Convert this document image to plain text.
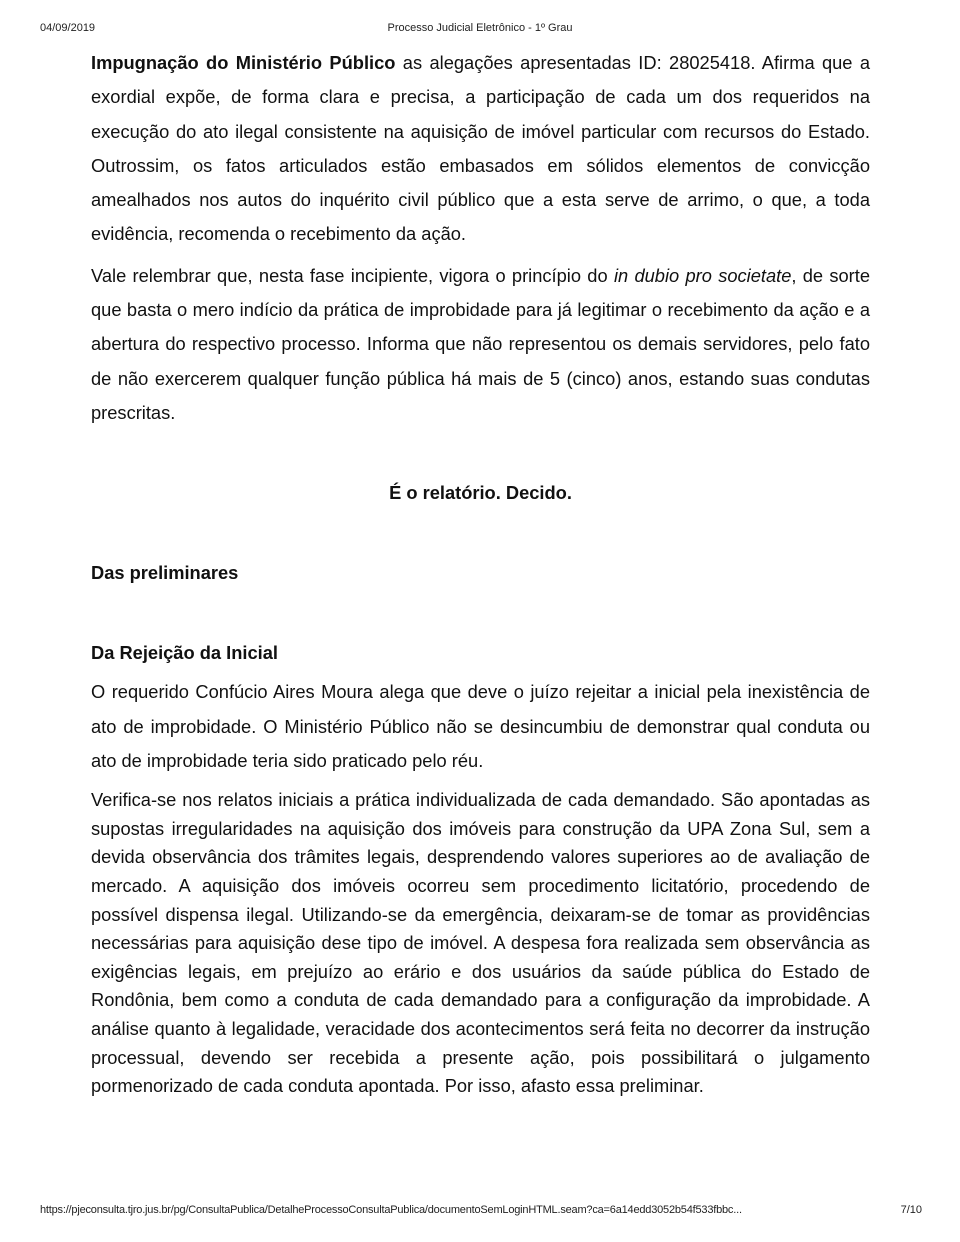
04/09/2019	Processo Judicial Eletrônico - 1º Grau

Impugnação do Ministério Público as alegações apresentadas ID: 28025418. Afirma que a exordial expõe, de forma clara e precisa, a participação de cada um dos requeridos na execução do ato ilegal consistente na aquisição de imóvel particular com recursos do Estado. Outrossim, os fatos articulados estão embasados em sólidos elementos de convicção amealhados nos autos do inquérito civil público que a esta serve de arrimo, o que, a toda evidência, recomenda o recebimento da ação.

Vale relembrar que, nesta fase incipiente, vigora o princípio do in dubio pro societate, de sorte que basta o mero indício da prática de improbidade para já legitimar o recebimento da ação e a abertura do respectivo processo. Informa que não representou os demais servidores, pelo fato de não exercerem qualquer função pública há mais de 5 (cinco) anos, estando suas condutas prescritas.

É o relatório. Decido.

Das preliminares

Da Rejeição da Inicial

O requerido Confúcio Aires Moura alega que deve o juízo rejeitar a inicial pela inexistência de ato de improbidade. O Ministério Público não se desincumbiu de demonstrar qual conduta ou ato de improbidade teria sido praticado pelo réu.

Verifica-se nos relatos iniciais a prática individualizada de cada demandado. São apontadas as supostas irregularidades na aquisição dos imóveis para construção da UPA Zona Sul, sem a devida observância dos trâmites legais, desprendendo valores superiores ao de avaliação de mercado. A aquisição dos imóveis ocorreu sem procedimento licitatório, procedendo de possível dispensa ilegal. Utilizando-se da emergência, deixaram-se de tomar as providências necessárias para aquisição dese tipo de imóvel. A despesa fora realizada sem observância as exigências legais, em prejuízo ao erário e dos usuários da saúde pública do Estado de Rondônia, bem como a conduta de cada demandado para a configuração da improbidade. A análise quanto à legalidade, veracidade dos acontecimentos será feita no decorrer da instrução processual, devendo ser recebida a presente ação, pois possibilitará o julgamento pormenorizado de cada conduta apontada. Por isso, afasto essa preliminar.

https://pjeconsulta.tjro.jus.br/pg/ConsultaPublica/DetalheProcessoConsultaPublica/documentoSemLoginHTML.seam?ca=6a14edd3052b54f533fbbc...	7/10
